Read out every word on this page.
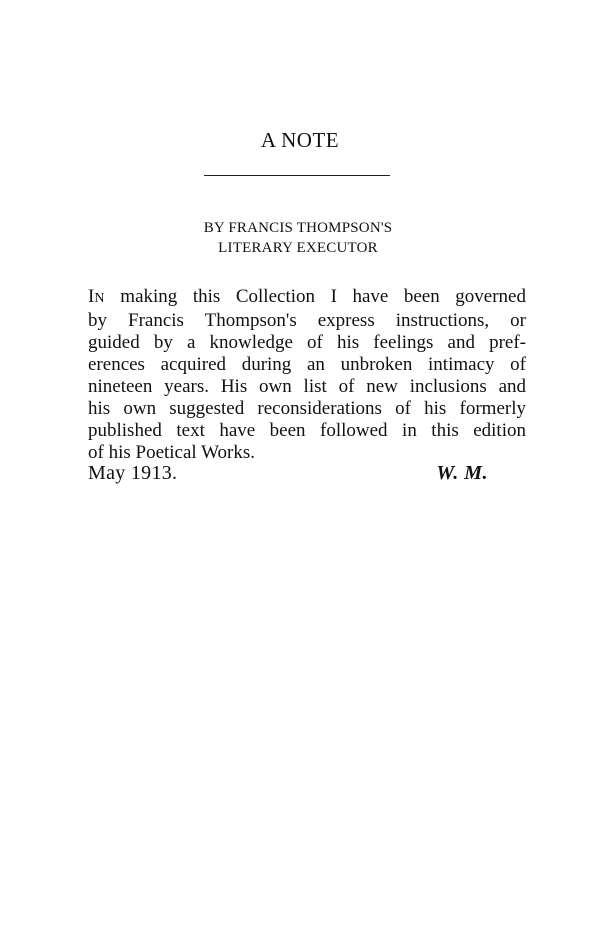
A NOTE
BY FRANCIS THOMPSON'S
LITERARY EXECUTOR
IN making this Collection I have been governed
by Francis Thompson's express instructions, or
guided by a knowledge of his feelings and pref-
erences acquired during an unbroken intimacy of
nineteen years. His own list of new inclusions and
his own suggested reconsiderations of his formerly
published text have been followed in this edition
of his Poetical Works.
May 1913.	W. M.
